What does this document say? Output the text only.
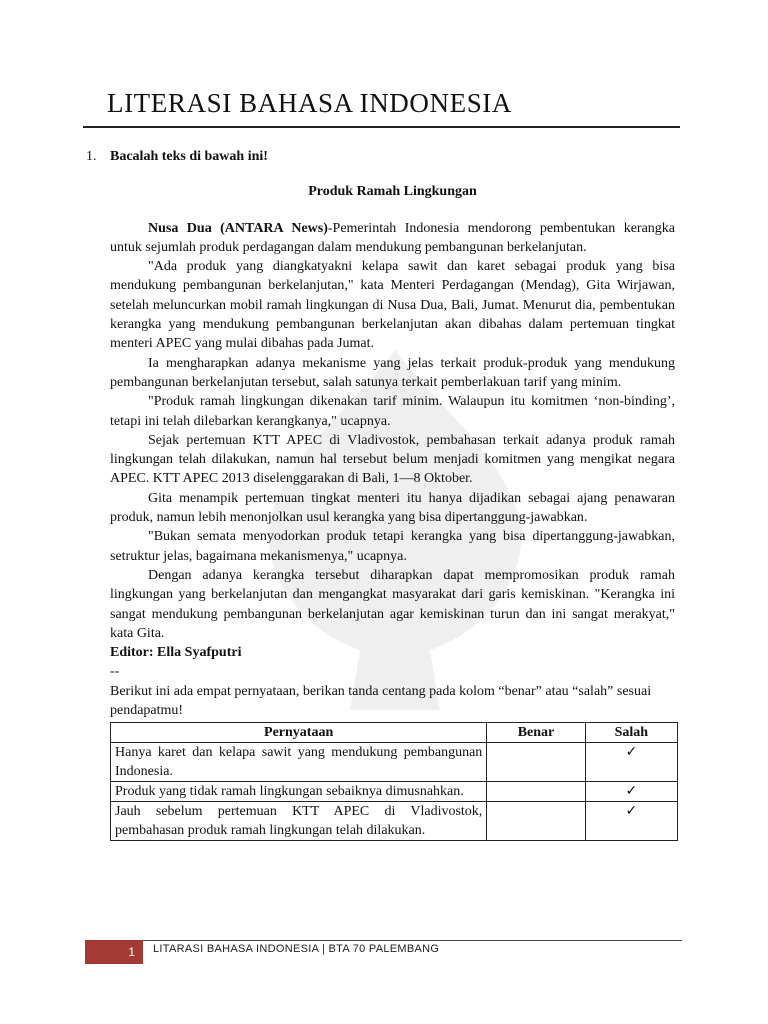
LITERASI BAHASA INDONESIA
1. Bacalah teks di bawah ini!
Produk Ramah Lingkungan

Nusa Dua (ANTARA News)-Pemerintah Indonesia mendorong pembentukan kerangka untuk sejumlah produk perdagangan dalam mendukung pembangunan berkelanjutan.

"Ada produk yang diangkatyakni kelapa sawit dan karet sebagai produk yang bisa mendukung pembangunan berkelanjutan," kata Menteri Perdagangan (Mendag), Gita Wirjawan, setelah meluncurkan mobil ramah lingkungan di Nusa Dua, Bali, Jumat. Menurut dia, pembentukan kerangka yang mendukung pembangunan berkelanjutan akan dibahas dalam pertemuan tingkat menteri APEC yang mulai dibahas pada Jumat.

Ia mengharapkan adanya mekanisme yang jelas terkait produk-produk yang mendukung pembangunan berkelanjutan tersebut, salah satunya terkait pemberlakuan tarif yang minim.

"Produk ramah lingkungan dikenakan tarif minim. Walaupun itu komitmen ‘non-binding’, tetapi ini telah dilebarkan kerangkanya," ucapnya.

Sejak pertemuan KTT APEC di Vladivostok, pembahasan terkait adanya produk ramah lingkungan telah dilakukan, namun hal tersebut belum menjadi komitmen yang mengikat negara APEC. KTT APEC 2013 diselenggarakan di Bali, 1—8 Oktober.

Gita menampik pertemuan tingkat menteri itu hanya dijadikan sebagai ajang penawaran produk, namun lebih menonjolkan usul kerangka yang bisa dipertanggung-jawabkan.

"Bukan semata menyodorkan produk tetapi kerangka yang bisa dipertanggung-jawabkan, setruktur jelas, bagaimana mekanismenya," ucapnya.

Dengan adanya kerangka tersebut diharapkan dapat mempromosikan produk ramah lingkungan yang berkelanjutan dan mengangkat masyarakat dari garis kemiskinan. "Kerangka ini sangat mendukung pembangunan berkelanjutan agar kemiskinan turun dan ini sangat merakyat," kata Gita.

Editor: Ella Syafputri
--
Berikut ini ada empat pernyataan, berikan tanda centang pada kolom “benar” atau “salah” sesuai pendapatmu!
Pernyataan	Benar	Salah
Hanya karet dan kelapa sawit yang mendukung pembangunan Indonesia.		✓
Produk yang tidak ramah lingkungan sebaiknya dimusnahkan.		✓
Jauh sebelum pertemuan KTT APEC di Vladivostok, pembahasan produk ramah lingkungan telah dilakukan.		✓
1	LITARASI BAHASA INDONESIA | BTA 70 PALEMBANG
